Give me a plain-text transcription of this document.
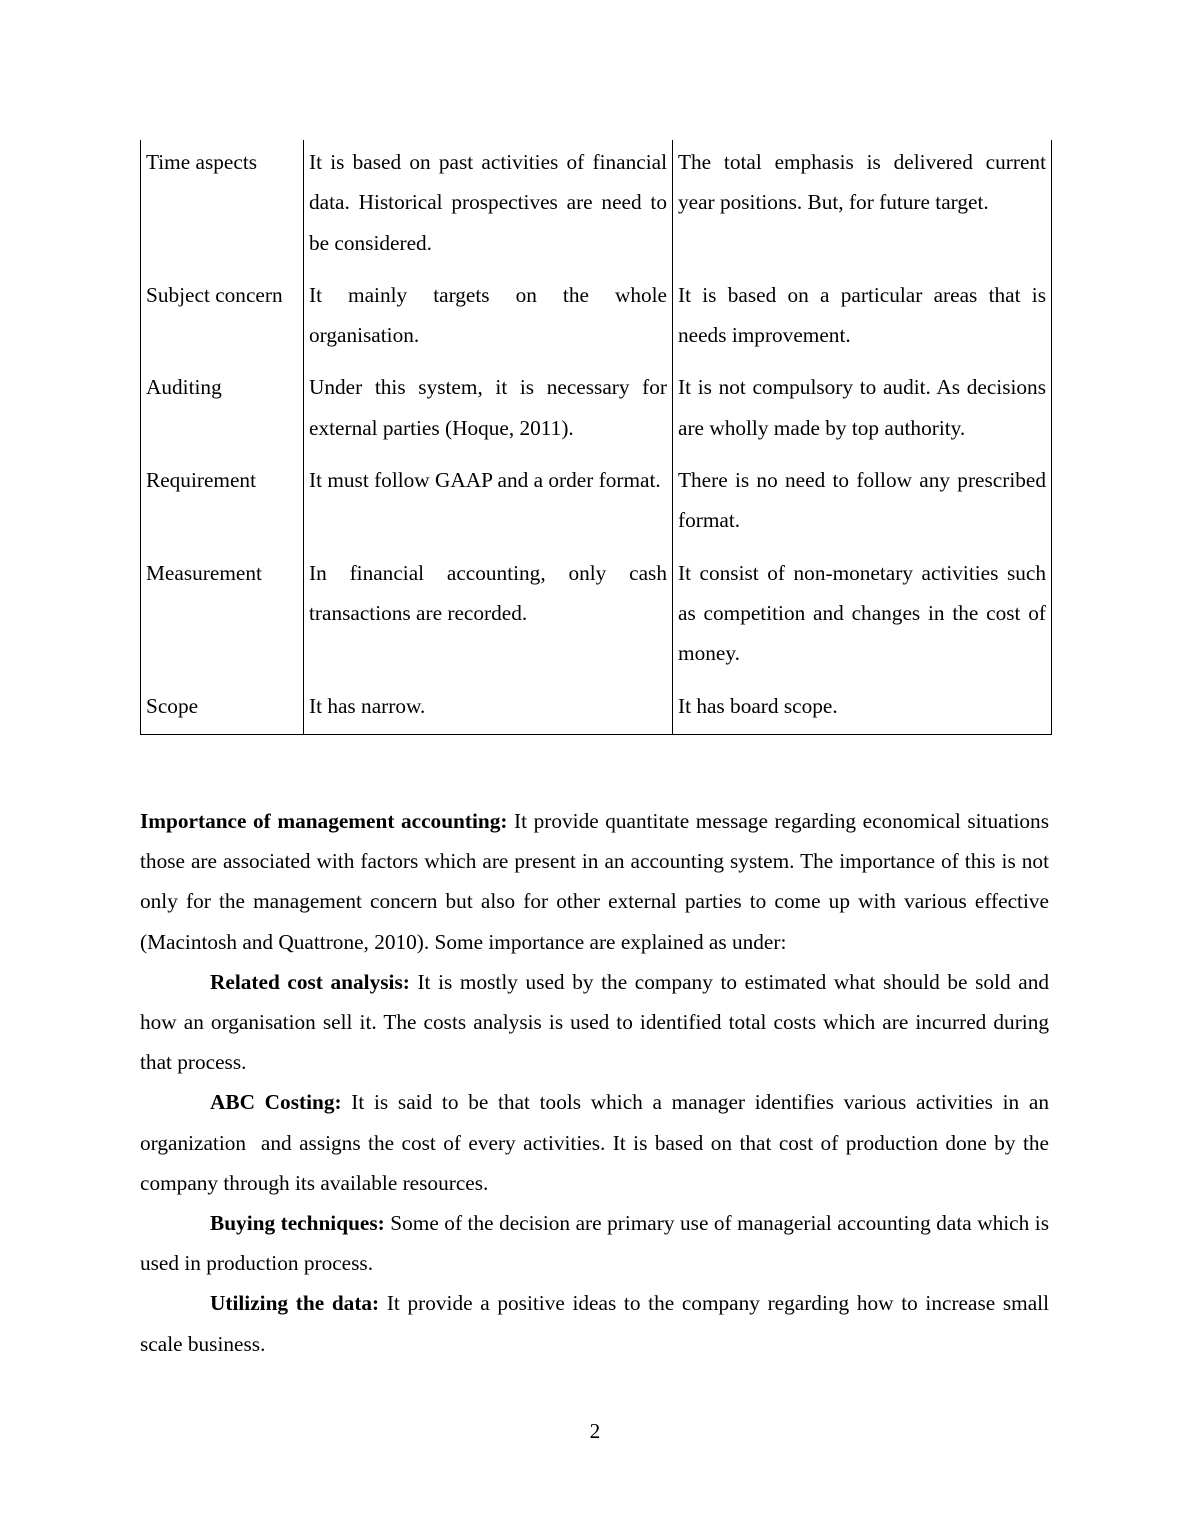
Time aspects	It is based on past activities of financial data. Historical prospectives are need to be considered.	The total emphasis is delivered current year positions. But, for future target.
Subject concern	It mainly targets on the whole organisation.	It is based on a particular areas that is needs improvement.
Auditing	Under this system, it is necessary for external parties (Hoque, 2011).	It is not compulsory to audit. As decisions are wholly made by top authority.
Requirement	It must follow GAAP and a order format.	There is no need to follow any prescribed format.
Measurement	In financial accounting, only cash transactions are recorded.	It consist of non-monetary activities such as competition and changes in the cost of money.
Scope	It has narrow.	It has board scope.

Importance of management accounting: It provide quantitate message regarding economical situations those are associated with factors which are present in an accounting system. The importance of this is not only for the management concern but also for other external parties to come up with various effective (Macintosh and Quattrone, 2010). Some importance are explained as under:

Related cost analysis: It is mostly used by the company to estimated what should be sold and how an organisation sell it. The costs analysis is used to identified total costs which are incurred during that process.

ABC Costing: It is said to be that tools which a manager identifies various activities in an organization  and assigns the cost of every activities. It is based on that cost of production done by the company through its available resources.

Buying techniques: Some of the decision are primary use of managerial accounting data which is used in production process.

Utilizing the data: It provide a positive ideas to the company regarding how to increase small scale business.

2
